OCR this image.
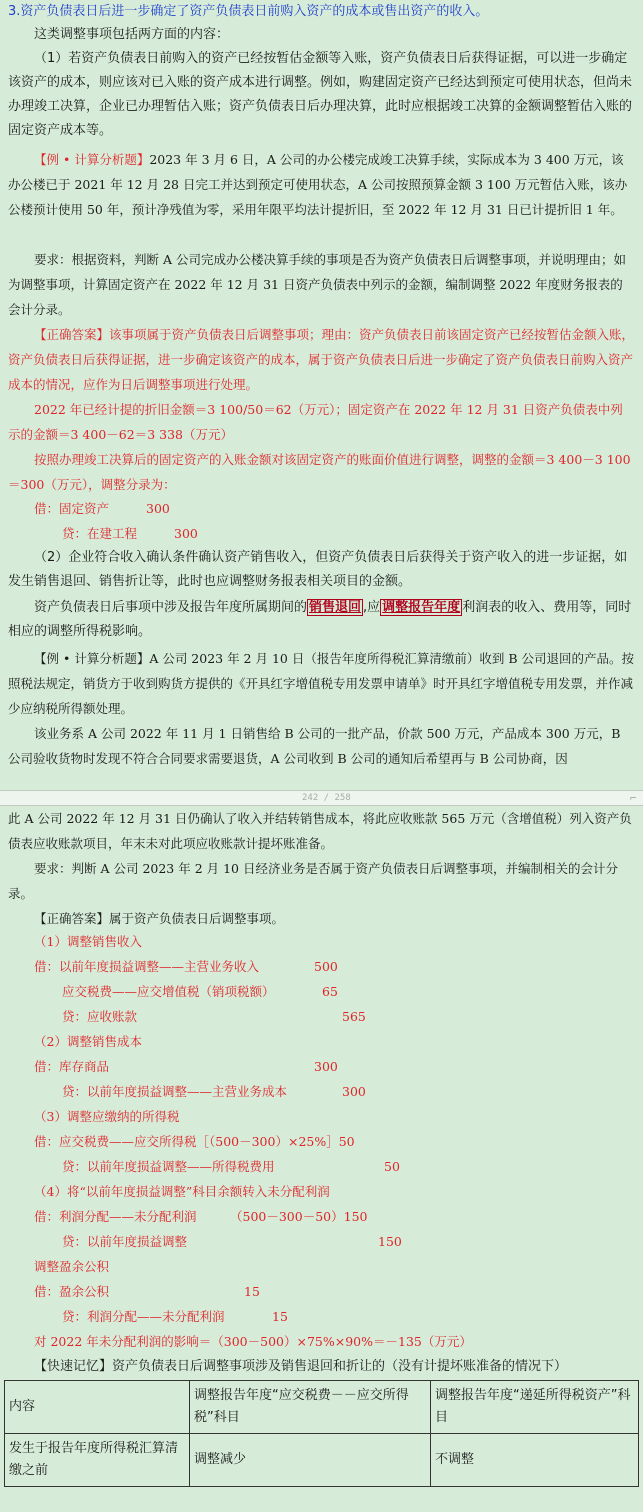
3.资产负债表日后进一步确定了资产负债表日前购入资产的成本或售出资产的收入。

这类调整事项包括两方面的内容：

（1）若资产负债表日前购入的资产已经按暂估金额等入账，资产负债表日后获得证据，可以进一步确定该资产的成本，则应该对已入账的资产成本进行调整。例如，购建固定资产已经达到预定可使用状态，但尚未办理竣工决算，企业已办理暂估入账；资产负债表日后办理决算，此时应根据竣工决算的金额调整暂估入账的固定资产成本等。

【例 • 计算分析题】2023 年 3 月 6 日，A 公司的办公楼完成竣工决算手续，实际成本为 3 400 万元，该办公楼已于 2021 年 12 月 28 日完工并达到预定可使用状态，A 公司按照预算金额 3 100 万元暂估入账，该办公楼预计使用 50 年，预计净残值为零，采用年限平均法计提折旧，至 2022 年 12 月 31 日已计提折旧 1 年。

要求：根据资料，判断 A 公司完成办公楼决算手续的事项是否为资产负债表日后调整事项，并说明理由；如为调整事项，计算固定资产在 2022 年 12 月 31 日资产负债表中列示的金额，编制调整 2022 年度财务报表的会计分录。

【正确答案】该事项属于资产负债表日后调整事项；理由：资产负债表日前该固定资产已经按暂估金额入账，资产负债表日后获得证据，进一步确定该资产的成本，属于资产负债表日后进一步确定了资产负债表日前购入资产成本的情况，应作为日后调整事项进行处理。

2022 年已经计提的折旧金额＝3 100/50＝62（万元）；固定资产在 2022 年 12 月 31 日资产负债表中列示的金额＝3 400－62＝3 338（万元）

按照办理竣工决算后的固定资产的入账金额对该固定资产的账面价值进行调整，调整的金额＝3 400－3 100＝300（万元），调整分录为：

借：固定资产	300
贷：在建工程	300

（2）企业符合收入确认条件确认资产销售收入，但资产负债表日后获得关于资产收入的进一步证据，如发生销售退回、销售折让等，此时也应调整财务报表相关项目的金额。

资产负债表日后事项中涉及报告年度所属期间的 销售退回 ,应 调整报告年度 利润表的收入、费用等，同时相应的调整所得税影响。

【例 • 计算分析题】A 公司 2023 年 2 月 10 日（报告年度所得税汇算清缴前）收到 B 公司退回的产品。按照税法规定，销货方于收到购货方提供的《开具红字增值税专用发票申请单》时开具红字增值税专用发票，并作减少应纳税所得额处理。

该业务系 A 公司 2022 年 11 月 1 日销售给 B 公司的一批产品，价款 500 万元，产品成本 300 万元，B 公司验收货物时发现不符合合同要求需要退货，A 公司收到 B 公司的通知后希望再与 B 公司协商，因

242 / 258	⌐

此 A 公司 2022 年 12 月 31 日仍确认了收入并结转销售成本，将此应收账款 565 万元（含增值税）列入资产负债表应收账款项目，年末未对此项应收账款计提坏账准备。

要求：判断 A 公司 2023 年 2 月 10 日经济业务是否属于资产负债表日后调整事项，并编制相关的会计分录。

【正确答案】属于资产负债表日后调整事项。

（1）调整销售收入
借：以前年度损益调整——主营业务收入	500
应交税费——应交增值税（销项税额）	65
贷：应收账款	565
（2）调整销售成本
借：库存商品	300
贷：以前年度损益调整——主营业务成本	300
（3）调整应缴纳的所得税
借：应交税费——应交所得税［（500－300）×25%］50
贷：以前年度损益调整——所得税费用	50
（4）将“以前年度损益调整”科目余额转入未分配利润
借：利润分配——未分配利润	（500－300－50）150
贷：以前年度损益调整	150
调整盈余公积
借：盈余公积	15
贷：利润分配——未分配利润	15
对 2022 年未分配利润的影响＝（300－500）×75%×90%＝－135（万元）

【快速记忆】资产负债表日后调整事项涉及销售退回和折让的（没有计提坏账准备的情况下）

内容	调整报告年度“应交税费－－应交所得税”科目	调整报告年度“递延所得税资产”科目
发生于报告年度所得税汇算清缴之前	调整减少	不调整
